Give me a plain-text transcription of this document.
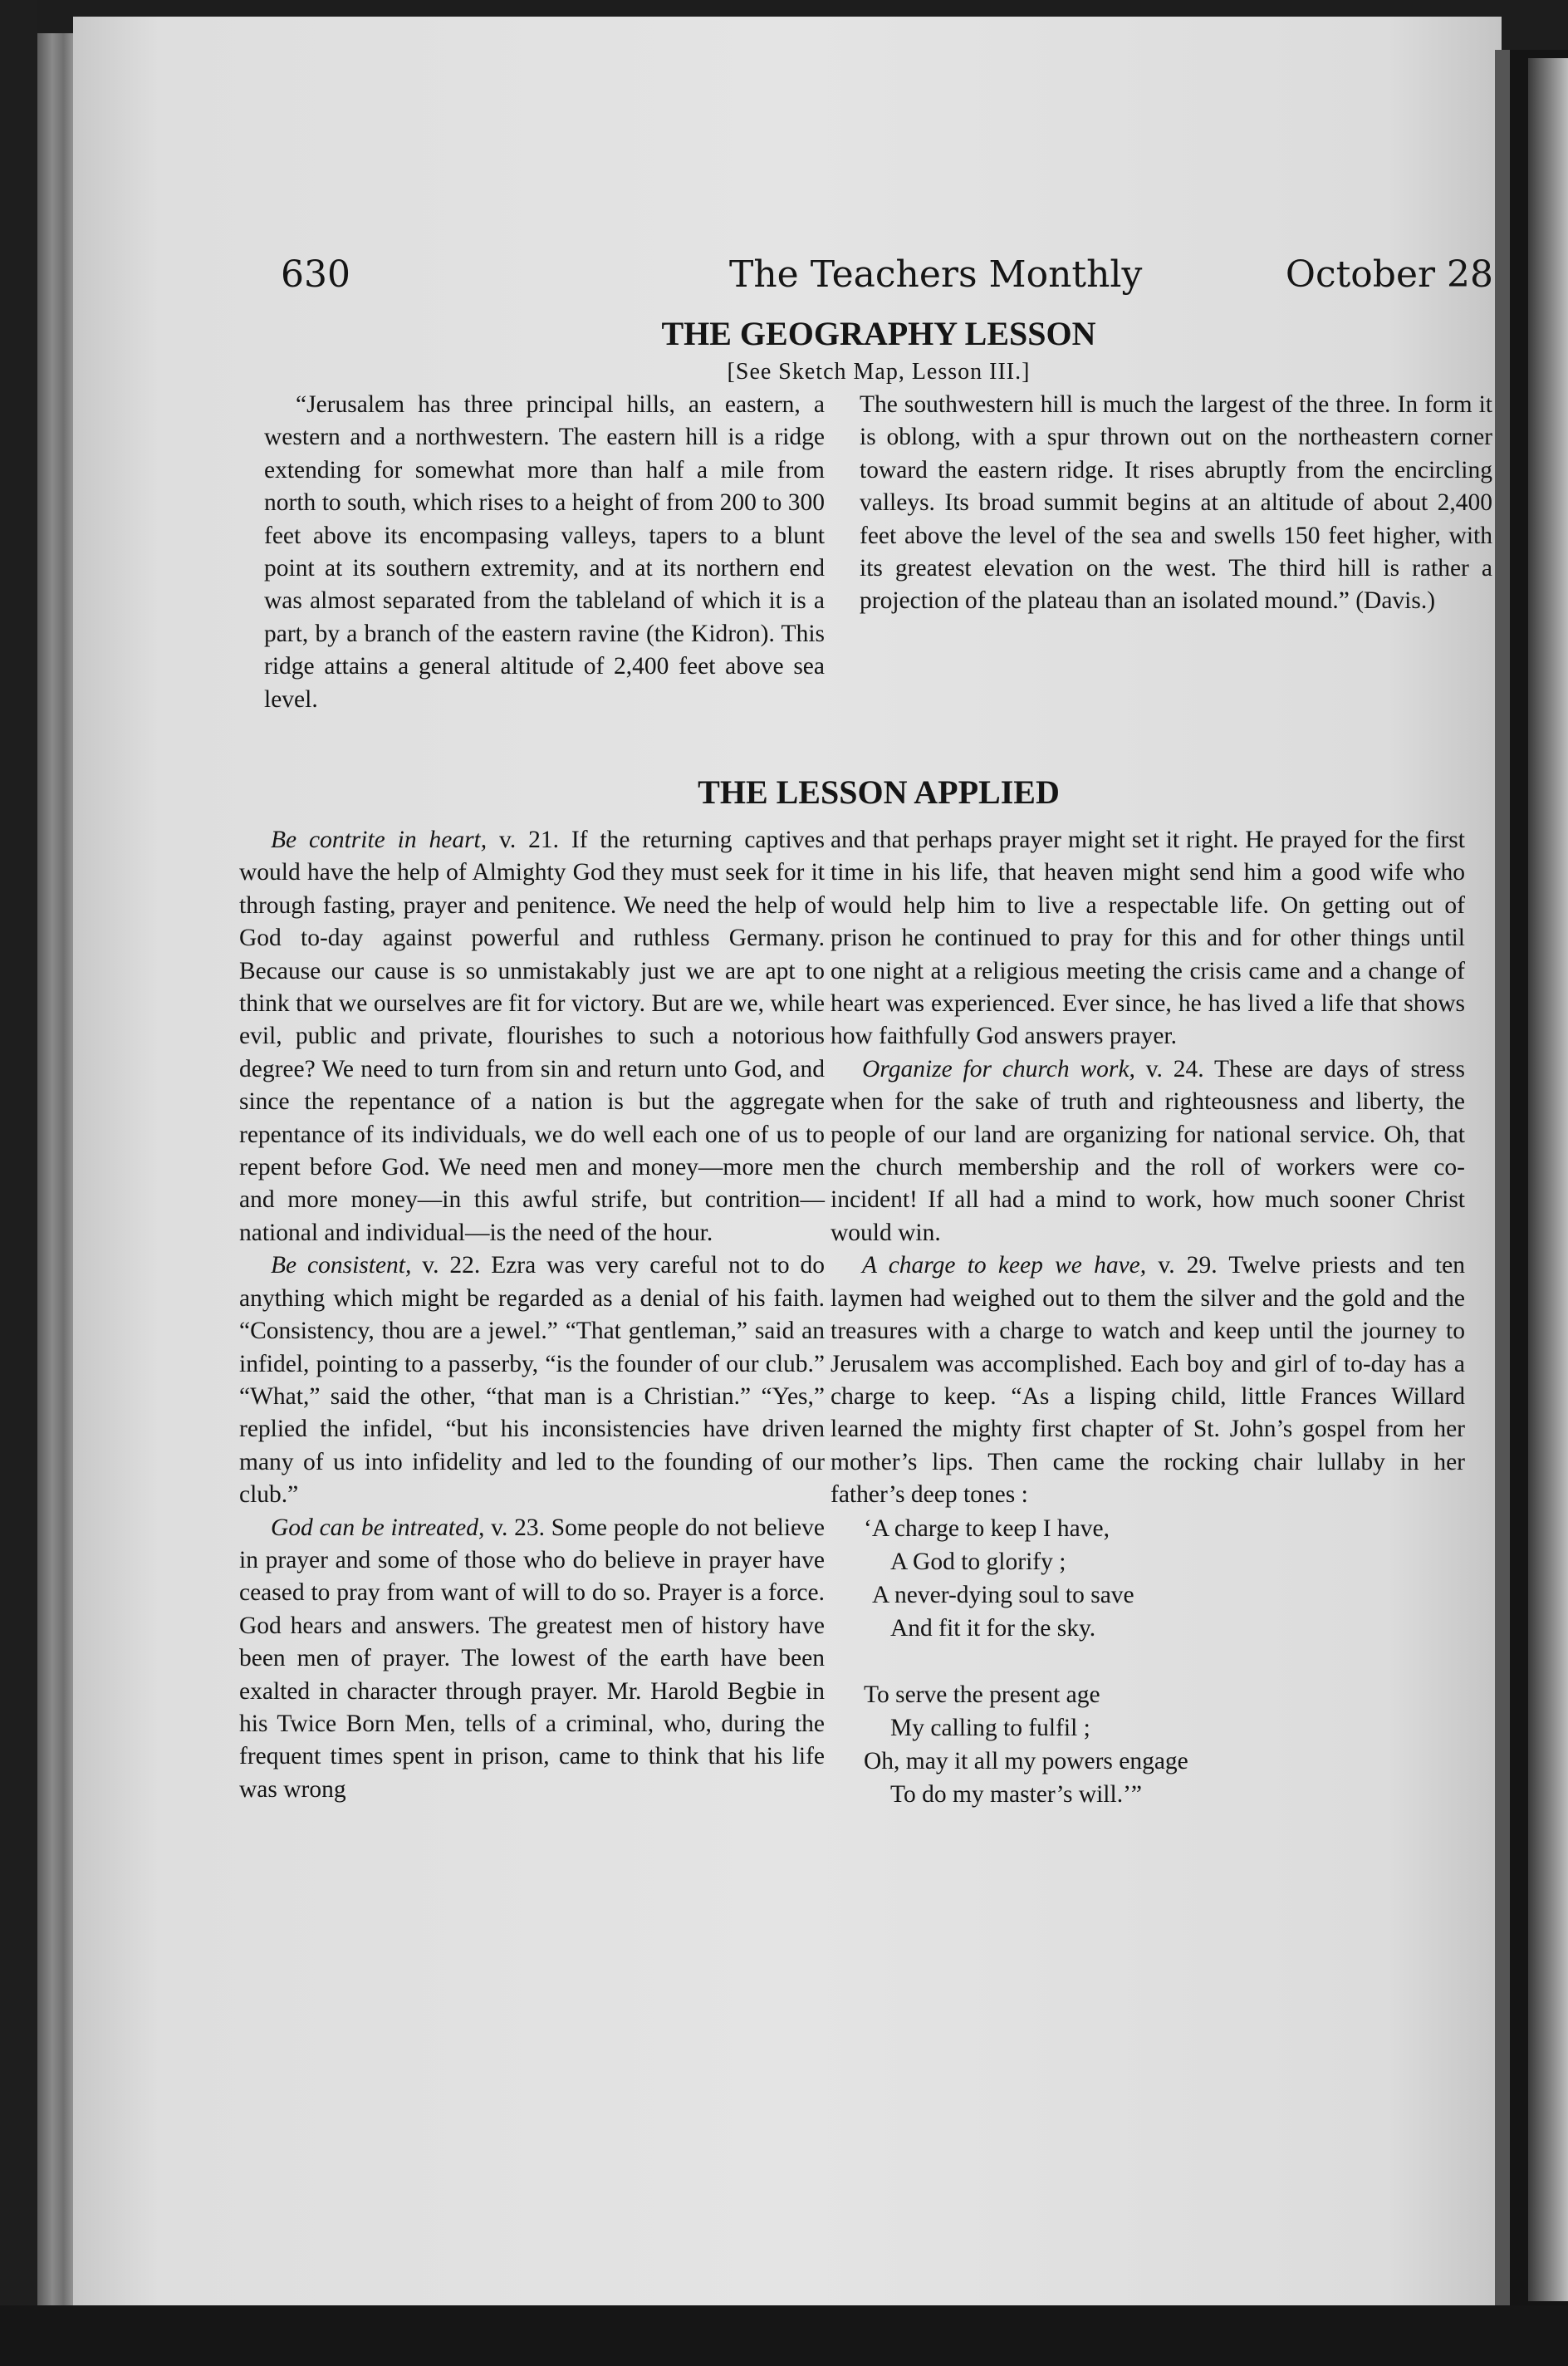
630	The Teachers Monthly	October 28
THE GEOGRAPHY LESSON
[See Sketch Map, Lesson III.]

“Jerusalem has three principal hills, an eastern, a western and a northwestern. The eastern hill is a ridge extending for somewhat more than half a mile from north to south, which rises to a height of from 200 to 300 feet above its encompasing valleys, tapers to a blunt point at its southern extremity, and at its northern end was almost separated from the tableland of which it is a part, by a branch of the eastern ravine (the Kidron). This ridge attains a general altitude of 2,400 feet above sea level.

The southwestern hill is much the largest of the three. In form it is oblong, with a spur thrown out on the northeastern corner toward the eastern ridge. It rises abruptly from the encircling valleys. Its broad summit begins at an altitude of about 2,400 feet above the level of the sea and swells 150 feet higher, with its greatest elevation on the west. The third hill is rather a projection of the plateau than an isolated mound.” (Davis.)

THE LESSON APPLIED

Be contrite in heart, v. 21. If the returning captives would have the help of Almighty God they must seek for it through fasting, prayer and penitence. We need the help of God to-day against powerful and ruthless Germany. Because our cause is so unmistakably just we are apt to think that we ourselves are fit for victory. But are we, while evil, public and private, flourishes to such a notorious degree? We need to turn from sin and return unto God, and since the repentance of a nation is but the aggregate repentance of its individuals, we do well each one of us to repent before God. We need men and money—more men and more money—in this awful strife, but contrition—national and individual—is the need of the hour.

Be consistent, v. 22. Ezra was very careful not to do anything which might be regarded as a denial of his faith. “Consistency, thou are a jewel.” “That gentleman,” said an infidel, pointing to a passerby, “is the founder of our club.” “What,” said the other, “that man is a Christian.” “Yes,” replied the infidel, “but his inconsistencies have driven many of us into infidelity and led to the founding of our club.”

God can be intreated, v. 23. Some people do not believe in prayer and some of those who do believe in prayer have ceased to pray from want of will to do so. Prayer is a force. God hears and answers. The greatest men of history have been men of prayer. The lowest of the earth have been exalted in character through prayer. Mr. Harold Begbie in his Twice Born Men, tells of a criminal, who, during the frequent times spent in prison, came to think that his life was wrong

and that perhaps prayer might set it right. He prayed for the first time in his life, that heaven might send him a good wife who would help him to live a respectable life. On getting out of prison he continued to pray for this and for other things until one night at a religious meeting the crisis came and a change of heart was experienced. Ever since, he has lived a life that shows how faithfully God answers prayer.

Organize for church work, v. 24. These are days of stress when for the sake of truth and righteousness and liberty, the people of our land are organizing for national service. Oh, that the church membership and the roll of workers were co-incident! If all had a mind to work, how much sooner Christ would win.

A charge to keep we have, v. 29. Twelve priests and ten laymen had weighed out to them the silver and the gold and the treasures with a charge to watch and keep until the journey to Jerusalem was accomplished. Each boy and girl of to-day has a charge to keep. “As a lisping child, little Frances Willard learned the mighty first chapter of St. John’s gospel from her mother’s lips. Then came the rocking chair lullaby in her father’s deep tones :

‘A charge to keep I have,
A God to glorify ;
A never-dying soul to save
And fit it for the sky.
To serve the present age
My calling to fulfil ;
Oh, may it all my powers engage
To do my master’s will.’”
